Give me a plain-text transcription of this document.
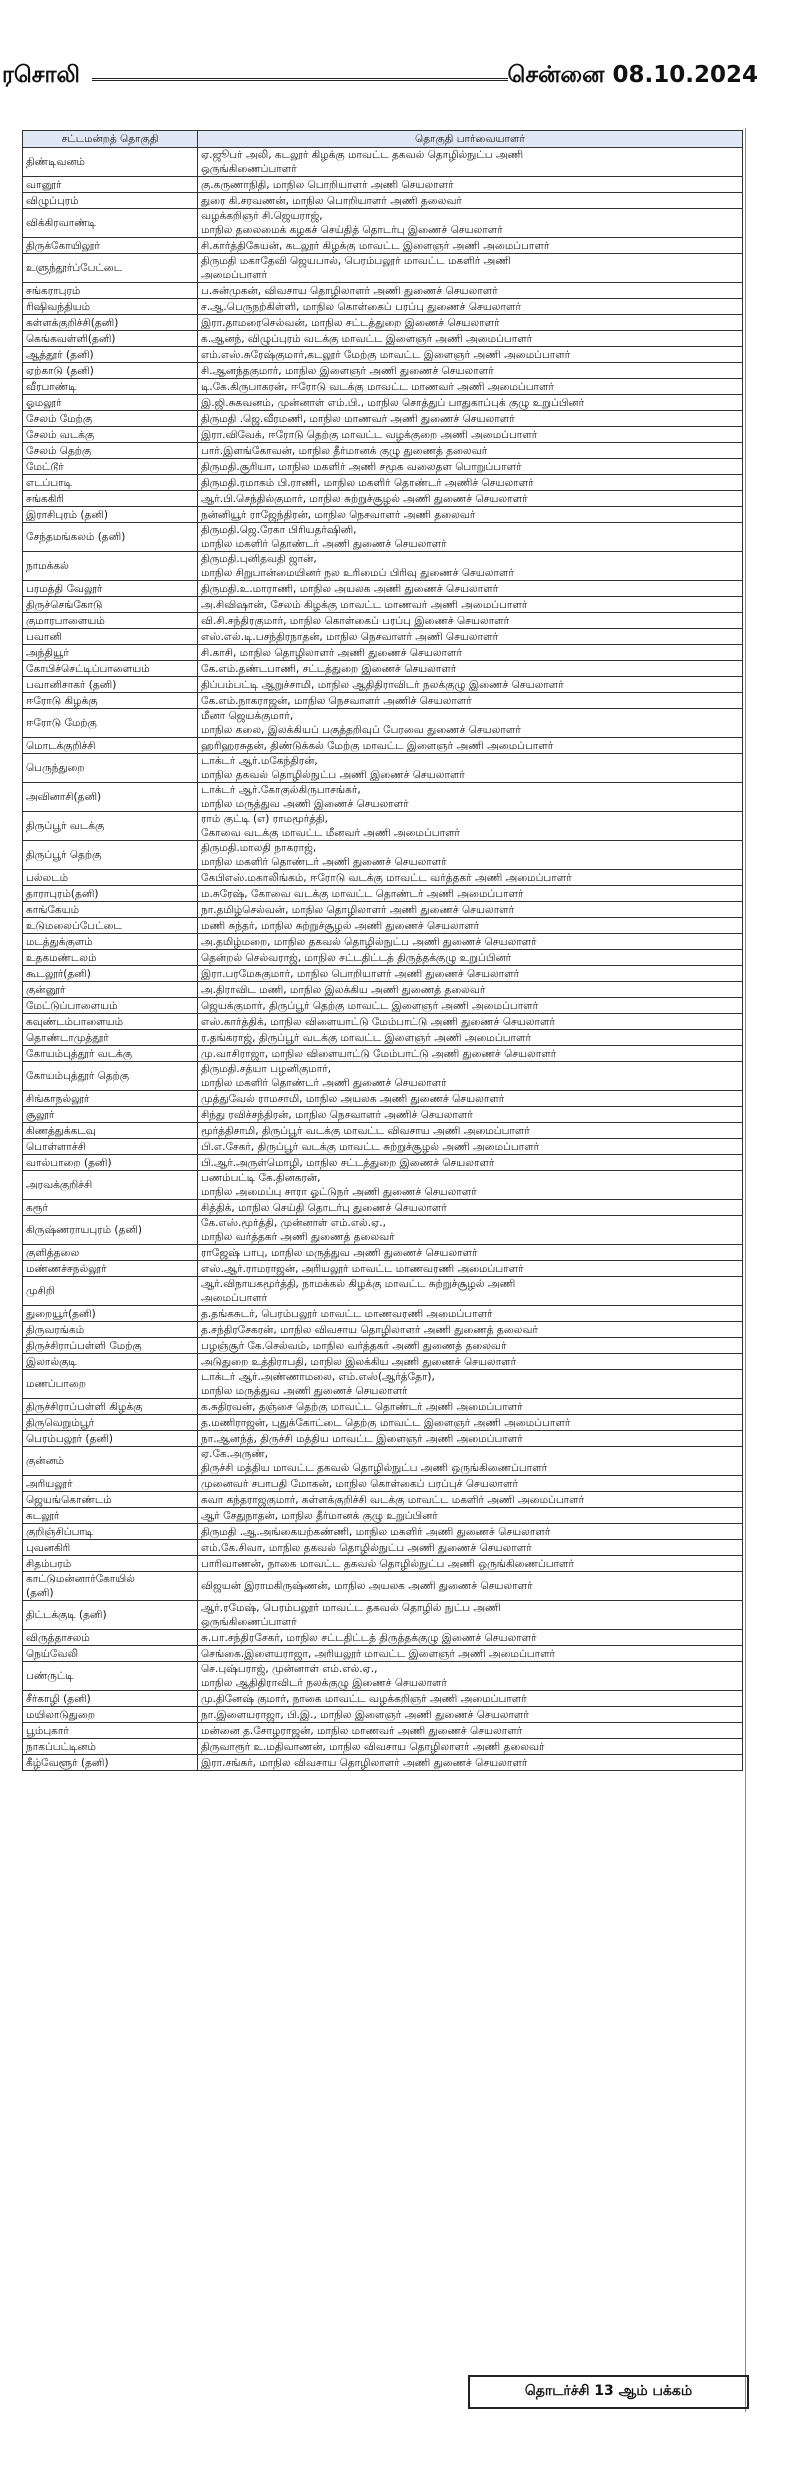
ரசொலி	சென்னை 08.10.2024
சட்டமன்றத் தொகுதி	தொகுதி பார்வையாளர்
திண்டிவனம்	ஏ.ஜூபர் அலி, கடலூர் கிழக்கு மாவட்ட தகவல் தொழில்நுட்ப அணி
ஒருங்கிணைப்பாளர்
வானூர்	கு.கருணாநிதி, மாநில பொறியாளர் அணி செயலாளர்
விழுப்புரம்	துரை கி.சரவணன், மாநில பொறியாளர் அணி தலைவர்
விக்கிரவாண்டி	வழக்கறிஞர் சி.ஜெயராஜ்,
மாநில தலைமைக் கழகச் செய்தித் தொடர்பு இணைச் செயலாளர்
திருக்கோயிலூர்	சி.கார்த்திகேயன், கடலூர் கிழக்கு மாவட்ட இளைஞர் அணி அமைப்பாளர்
உளுந்தூர்ப்பேட்டை	திருமதி மகாதேவி ஜெயபால், பெரம்பலூர் மாவட்ட மகளிர் அணி
அமைப்பாளர்
சங்கராபுரம்	ப.சுன்முகன், விவசாய தொழிலாளர் அணி துணைச் செயலாளர்
ரிஷிவந்தியம்	ச.ஆ.பெருநற்கிள்ளி, மாநில கொள்கைப் பரப்பு துணைச் செயலாளர்
கள்ளக்குறிச்சி(தனி)	இரா.தாமரைசெல்வன், மாநில சட்டத்துறை இணைச் செயலாளர்
கெங்கவள்ளி(தனி)	க.ஆனந், விழுப்புரம் வடக்கு மாவட்ட இளைஞர் அணி அமைப்பாளர்
ஆத்தூர் (தனி)	எம்.எஸ்.சுரேஷ்குமார்,கடலூர் மேற்கு மாவட்ட இளைஞர் அணி அமைப்பாளர்
ஏற்காடு (தனி)	சி.ஆனந்தகுமார், மாநில இளைஞர் அணி துணைச் செயலாளர்
வீரபாண்டி	டி.கே.கிருபாகரன், ஈரோடு வடக்கு மாவட்ட மாணவர் அணி அமைப்பாளர்
ஓமலூர்	இ.ஜி.சுகவனம், முன்னாள் எம்.பி., மாநில சொத்துப் பாதுகாப்புக் குழு உறுப்பினர்
சேலம் மேற்கு	திருமதி .ஜெ.வீரமணி, மாநில மாணவர் அணி துணைச் செயலாளர்
சேலம் வடக்கு	இரா.விவேக், ஈரோடு தெற்கு மாவட்ட வழக்குறை அணி அமைப்பாளர்
சேலம் தெற்கு	பார்.இளங்கோவன், மாநில தீர்மானக் குழு துணைத் தலைவர்
மேட்டூர்	திருமதி.சூரியா, மாநில மகளிர் அணி சமூக வலைதள பொறுப்பாளர்
எடப்பாடி	திருமதி.ரமாகம் பி.ராணி, மாநில மகளிர் தொண்டர் அணிச் செயலாளர்
சங்ககிரி	ஆர்.பி.செந்தில்குமார், மாநில சுற்றுச்சூழல் அணி துணைச் செயலாளர்
இராசிபுரம் (தனி)	நன்னியூர் ராஜேந்திரன், மாநில நெசவாளர் அணி தலைவர்
சேந்தமங்கலம் (தனி)	திருமதி.ஜெ.ரேகா பிரியதர்ஷினி,
மாநில மகளிர் தொண்டர் அணி துணைச் செயலாளர்
நாமக்கல்	திருமதி.புனிதவதி ஜான்,
மாநில சிறுபான்மையினர் நல உரிமைப் பிரிவு துணைச் செயலாளர்
பரமத்தி வேலூர்	திருமதி.உ.மாராணி, மாநில அயலக அணி துணைச் செயலாளர்
திருச்செங்கோடு	அ.சிவிஷான், சேலம் கிழக்கு மாவட்ட மாணவர் அணி அமைப்பாளர்
குமாரபாளையம்	வி.சி.சந்திரகுமார், மாநில கொள்கைப் பரப்பு இணைச் செயலாளர்
பவானி	எஸ்.எல்.டி.பசந்திரநாதன், மாநில நெசவாளர் அணி செயலாளர்
அந்தியூர்	சி.காசி, மாநில தொழிலாளர் அணி துணைச் செயலாளர்
கோபிச்செட்டிப்பாளையம்	கே.எம்.தண்டபாணி, சட்டத்துறை இணைச் செயலாளர்
பவானிசாகர் (தனி)	திப்பம்பட்டி ஆறுச்சாமி, மாநில ஆதிதிராவிடர் நலக்குழு இணைச் செயலாளர்
ஈரோடு கிழக்கு	கே.எம்.நாகராஜன், மாநில நெசவாளர் அணிச் செயலாளர்
ஈரோடு மேற்கு	மீனா ஜெயக்குமார்,
மாநில கலை, இலக்கியப் பகுத்தறிவுப் பேரவை துணைச் செயலாளர்
மொடக்குறிச்சி	ஹரிஹரசுதன், திண்டுக்கல் மேற்கு மாவட்ட இளைஞர் அணி அமைப்பாளர்
பெருந்துறை	டாக்டர் ஆர்.மகேந்திரன்,
மாநில தகவல் தொழில்நுட்ப அணி இணைச் செயலாளர்
அவினாசி(தனி)	டாக்டர் ஆர்.கோகுல்கிருபாசங்கர்,
மாநில மருத்துவ அணி இணைச் செயலாளர்
திருப்பூர் வடக்கு	ராம் குட்டி (எ) ராமமூர்த்தி,
கோவை வடக்கு மாவட்ட மீனவர் அணி அமைப்பாளர்
திருப்பூர் தெற்கு	திருமதி.மாலதி நாகராஜ்,
மாநில மகளிர் தொண்டர் அணி துணைச் செயலாளர்
பல்லடம்	கேபிஎஸ்.மகாலிங்கம், ஈரோடு வடக்கு மாவட்ட வர்த்தகர் அணி அமைப்பாளர்
தாராபுரம்(தனி)	ம.சுரேஷ், கோவை வடக்கு மாவட்ட தொண்டர் அணி அமைப்பாளர்
காங்கேயம்	நா.தமிழ்செல்வன், மாநில தொழிலாளர் அணி துணைச் செயலாளர்
உடுமலைப்பேட்டை	மணி சுந்தர், மாநில சுற்றுச்சூழல் அணி துணைச் செயலாளர்
மடத்துக்குளம்	அ.தமிழ்மறை, மாநில தகவல் தொழில்நுட்ப அணி துணைச் செயலாளர்
உதகமண்டலம்	தென்றல் செல்வராஜ், மாநில சட்டதிட்டத் திருத்தக்குழு உறுப்பினர்
கூடலூர்(தனி)	இரா.பரமேசுகுமார், மாநில பொறியாளர் அணி துணைச் செயலாளர்
குன்னூர்	அ.திராவிட மணி, மாநில இலக்கிய அணி துணைத் தலைவர்
மேட்டுப்பாளையம்	ஜெயக்குமார், திருப்பூர் தெற்கு மாவட்ட இளைஞர் அணி அமைப்பாளர்
கவுண்டம்பாளையம்	எஸ்.கார்த்திக், மாநில விளையாட்டு மேம்பாட்டு அணி துணைச் செயலாளர்
தொண்டாமுத்தூர்	ர.தங்கராஜ், திருப்பூர் வடக்கு மாவட்ட இளைஞர் அணி அமைப்பாளர்
கோயம்புத்தூர் வடக்கு	மு.வாசிராஜா, மாநில விளையாட்டு மேம்பாட்டு அணி துணைச் செயலாளர்
கோயம்புத்தூர் தெற்கு	திருமதி.சத்யா பழனிகுமார்,
மாநில மகளிர் தொண்டர் அணி துணைச் செயலாளர்
சிங்காநல்லூர்	முத்துவேல் ராமசாமி, மாநில அயலக அணி துணைச் செயலாளர்
சூலூர்	சிந்து ரவிச்சந்திரன், மாநில நெசவாளர் அணிச் செயலாளர்
கிணத்துக்கடவு	மூர்த்திசாமி, திருப்பூர் வடக்கு மாவட்ட விவசாய அணி அமைப்பாளர்
பொள்ளாச்சி	பி.எ.சேகர், திருப்பூர் வடக்கு மாவட்ட சுற்றுச்சூழல் அணி அமைப்பாளர்
வால்பாறை (தனி)	பி.ஆர்.அருள்மொழி, மாநில சட்டத்துறை இணைச் செயலாளர்
அரவக்குறிச்சி	பணம்பட்டி கே.தினகரன்,
மாநில அமைப்பு சாரா ஓட்டுநர் அணி துணைச் செயலாளர்
கரூர்	சித்திக், மாநில செய்தி தொடர்பு துணைச் செயலாளர்
கிருஷ்ணராயபுரம் (தனி)	கே.எஸ்.மூர்த்தி, முன்னாள் எம்.எல்.ஏ.,
மாநில வர்த்தகர் அணி துணைத் தலைவர்
குளித்தலை	ராஜேஷ் பாபு, மாநில மருத்துவ அணி துணைச் செயலாளர்
மண்ணச்சநல்லூர்	எஸ்.ஆர்.ராமராஜன், அரியலூர் மாவட்ட மாணவரணி அமைப்பாளர்
முசிறி	ஆர்.விநாயகமூர்த்தி, நாமக்கல் கிழக்கு மாவட்ட சுற்றுச்சூழல் அணி
அமைப்பாளர்
துறையூர்(தனி)	த.தங்கசுடர், பெரம்பலூர் மாவட்ட மாணவரணி அமைப்பாளர்
திருவரங்கம்	த.சந்திரசேகரன், மாநில விவசாய தொழிலாளர் அணி துணைத் தலைவர்
திருச்சிராப்பள்ளி மேற்கு	பழஞ்சூர் கே.செல்வம், மாநில வர்த்தகர் அணி துணைத் தலைவர்
இலால்குடி	அடுதுறை உத்திராபதி, மாநில இலக்கிய அணி துணைச் செயலாளர்
மணப்பாறை	டாக்டர் ஆர்.அண்ணாமலை, எம்.எஸ்(ஆர்த்தோ),
மாநில மருத்துவ அணி துணைச் செயலாளர்
திருச்சிராப்பள்ளி கிழக்கு	க.சுதிரவன், தஞ்சை தெற்கு மாவட்ட தொண்டர் அணி அமைப்பாளர்
திருவெறும்பூர்	த.மணிராஜன், புதுக்கோட்டை தெற்கு மாவட்ட இளைஞர் அணி அமைப்பாளர்
பெரம்பலூர் (தனி)	நா.ஆனந்த், திருச்சி மத்திய மாவட்ட இளைஞர் அணி அமைப்பாளர்
குன்னம்	ஏ.கே.அருண்,
திருச்சி மத்திய மாவட்ட தகவல் தொழில்நுட்ப அணி ஒருங்கிணைப்பாளர்
அரியலூர்	முனைவர் சபாபதி மோகன், மாநில கொள்கைப் பரப்புச் செயலாளர்
ஜெயங்கொண்டம்	கவா கந்தராஜகுமார், கள்ளக்குறிச்சி வடக்கு மாவட்ட மகளிர் அணி அமைப்பாளர்
கடலூர்	ஆர் சேதுநாதன், மாநில தீர்மானக் குழு உறுப்பினர்
குறிஞ்சிப்பாடி	திருமதி .ஆ.அங்கையற்கண்ணி, மாநில மகளிர் அணி துணைச் செயலாளர்
புவனகிரி	எம்.கே.சிவா, மாநில தகவல் தொழில்நுட்ப அணி துணைச் செயலாளர்
சிதம்பரம்	பாரிவாணன், நாகை மாவட்ட தகவல் தொழில்நுட்ப அணி ஒருங்கிணைப்பாளர்
காட்டுமன்னார்கோயில்
(தனி)	விஜயன் இராமகிருஷ்ணன், மாநில அயலக அணி துணைச் செயலாளர்
திட்டக்குடி (தனி)	ஆர்.ரமேஷ், பெரம்பலூர் மாவட்ட தகவல் தொழில் நுட்ப அணி
ஒருங்கிணைப்பாளர்
விருத்தாசலம்	சு.பா.சந்திரசேகர், மாநில சட்டதிட்டத் திருத்தக்குழு இணைச் செயலாளர்
நெய்வேலி	செங்கை.இளையராஜா, அரியலூர் மாவட்ட இளைஞர் அணி அமைப்பாளர்
பண்ருட்டி	செ.புஷ்பராஜ், முன்னாள் எம்.எல்.ஏ.,
மாநில ஆதிதிராவிடர் நலக்குழு இணைச் செயலாளர்
சீர்காழி (தனி)	மு.தினேஷ் குமார், நாகை மாவட்ட வழக்கறிஞர் அணி அமைப்பாளர்
மயிலாடுதுறை	நா.இளையராஜா, பி.இ., மாநில இளைஞர் அணி துணைச் செயலாளர்
பூம்புகார்	மன்னை த.சோழராஜன், மாநில மாணவர் அணி துணைச் செயலாளர்
நாகப்பட்டினம்	திருவாரூர் உ.மதிவாணன், மாநில விவசாய தொழிலாளர் அணி தலைவர்
கீழ்வேளூர் (தனி)	இரா.சங்கர், மாநில விவசாய தொழிலாளர் அணி துணைச் செயலாளர்
தொடர்ச்சி 13 ஆம் பக்கம்
